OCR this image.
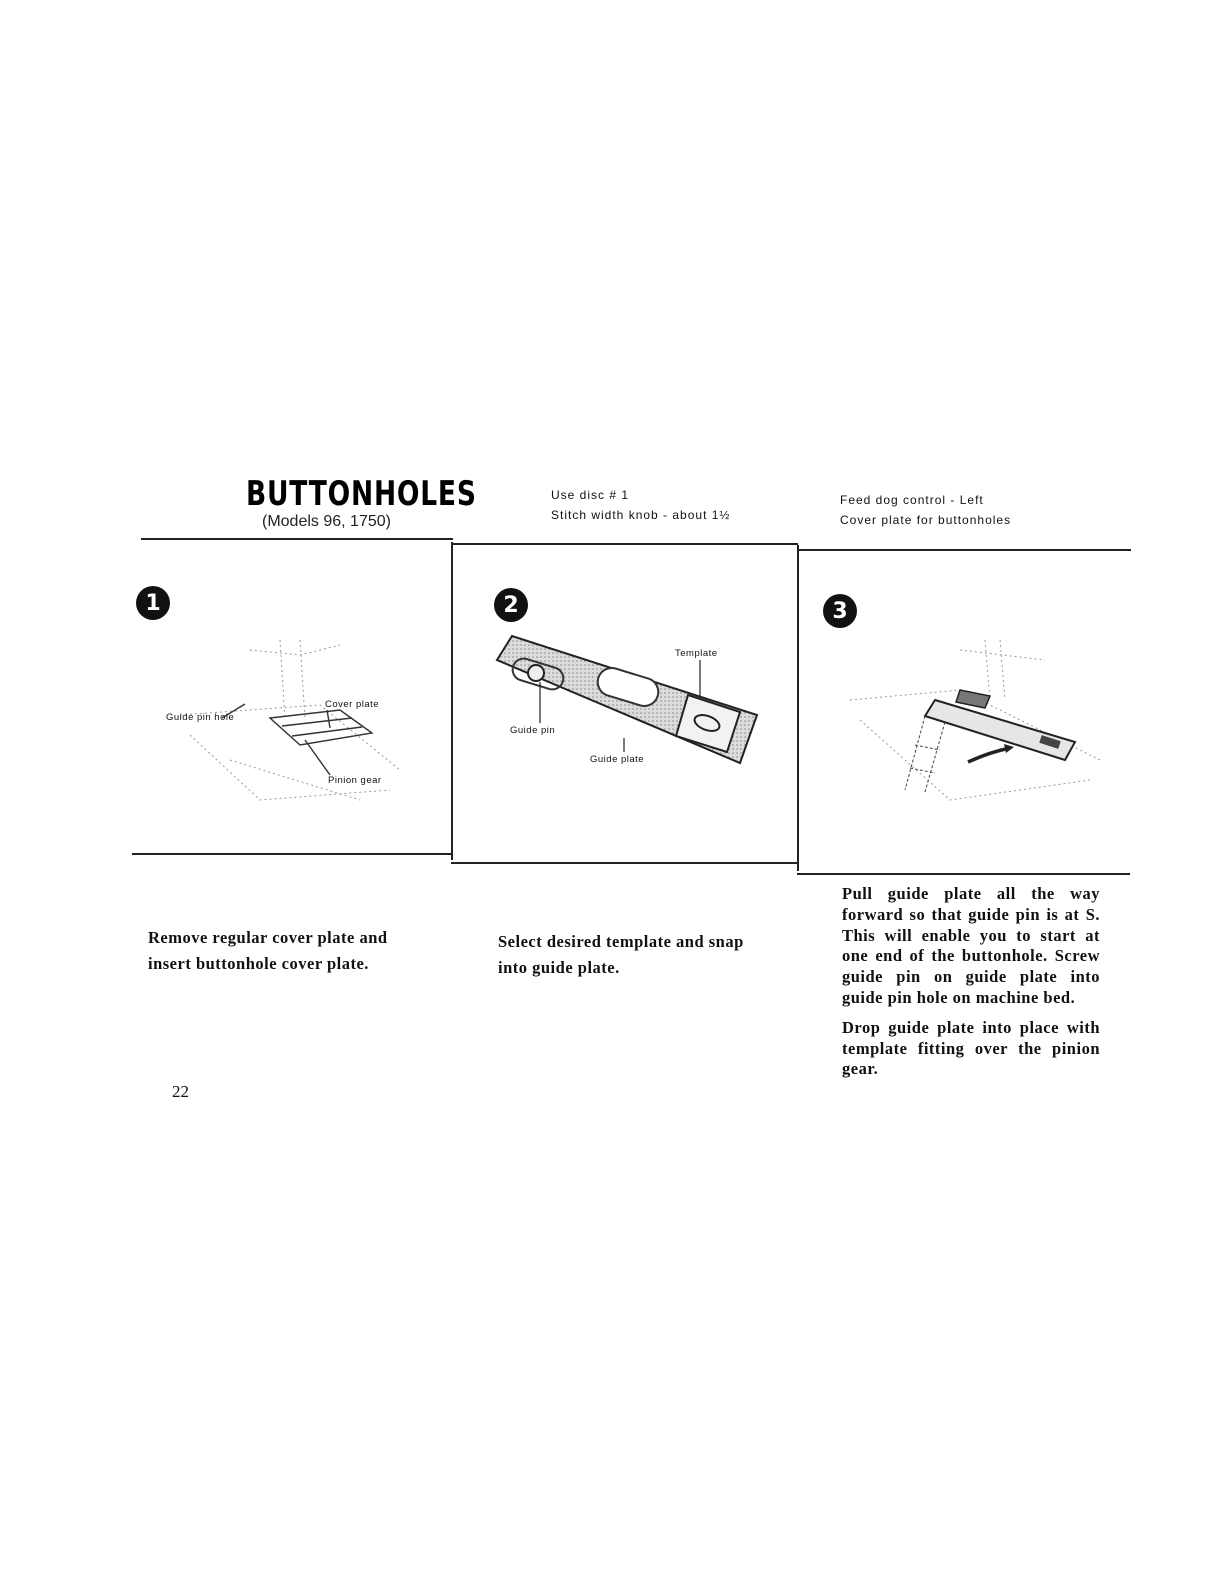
BUTTONHOLES
(Models 96, 1750)
Use disc # 1
Stitch width knob - about 1½
Feed dog control - Left
Cover plate for buttonholes
1
Guide pin hole
Cover plate
Pinion gear
2
Template
Guide pin
Guide plate
3

Remove regular cover plate and insert buttonhole cover plate.

Select desired template and snap into guide plate.

Pull guide plate all the way forward so that guide pin is at S. This will enable you to start at one end of the buttonhole. Screw guide pin on guide plate into guide pin hole on machine bed.

Drop guide plate into place with template fitting over the pinion gear.

22
